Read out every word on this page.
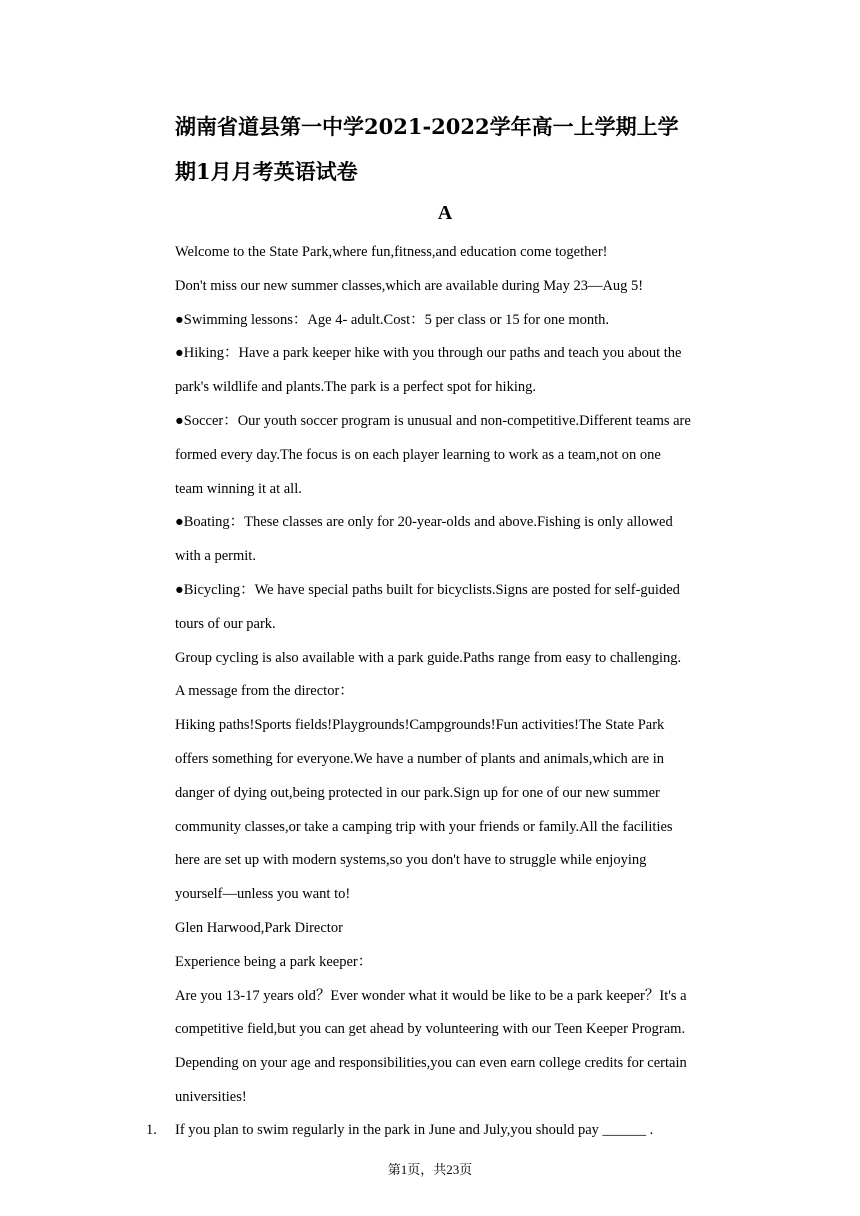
湖南省道县第一中学2021-2022学年高一上学期上学
期1月月考英语试卷
A
Welcome to the State Park,where fun,fitness,and education come together!
Don't miss our new summer classes,which are available during May 23—Aug 5!
●Swimming lessons：Age 4- adult.Cost：5 per class or 15 for one month.
●Hiking：Have a park keeper hike with you through our paths and teach you about the
park's wildlife and plants.The park is a perfect spot for hiking.
●Soccer：Our youth soccer program is unusual and non-competitive.Different teams are
formed every day.The focus is on each player learning to work as a team,not on one
team winning it at all.
●Boating：These classes are only for 20-year-olds and above.Fishing is only allowed
with a permit.
●Bicycling：We have special paths built for bicyclists.Signs are posted for self-guided
tours of our park.
Group cycling is also available with a park guide.Paths range from easy to challenging.
A message from the director：
Hiking paths!Sports fields!Playgrounds!Campgrounds!Fun activities!The State Park
offers something for everyone.We have a number of plants and animals,which are in
danger of dying out,being protected in our park.Sign up for one of our new summer
community classes,or take a camping trip with your friends or family.All the facilities
here are set up with modern systems,so you don't have to struggle while enjoying
yourself—unless you want to!
Glen Harwood,Park Director
Experience being a park keeper：
Are you 13-17 years old？Ever wonder what it would be like to be a park keeper？It's a
competitive field,but you can get ahead by volunteering with our Teen Keeper Program.
Depending on your age and responsibilities,you can even earn college credits for certain
universities!
1. If you plan to swim regularly in the park in June and July,you should pay ______ .
第1页，共23页
